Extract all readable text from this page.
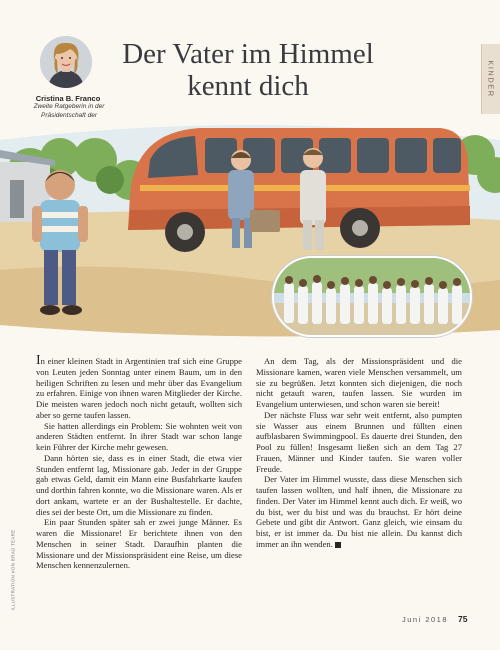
KINDER
Cristina B. Franco
Zweite Ratgeberin in der Präsidentschaft der
Der Vater im Himmel
kennt dich

In einer kleinen Stadt in Argentinien traf sich eine Gruppe von Leuten jeden Sonntag unter einem Baum, um in den heiligen Schriften zu lesen und mehr über das Evangelium zu erfahren. Einige von ihnen waren Mitglieder der Kirche. Die meisten waren jedoch noch nicht getauft, wollten sich aber so gerne taufen lassen.

Sie hatten allerdings ein Problem: Sie wohnten weit von anderen Städten entfernt. In ihrer Stadt war schon lange kein Führer der Kirche mehr gewesen.

Dann hörten sie, dass es in einer Stadt, die etwa vier Stunden entfernt lag, Missionare gab. Jeder in der Gruppe gab etwas Geld, damit ein Mann eine Busfahrkarte kaufen und dorthin fahren konnte, wo die Missionare waren. Als er dort ankam, wartete er an der Bushaltestelle. Er dachte, dies sei der beste Ort, um die Missionare zu finden.

Ein paar Stunden später sah er zwei junge Männer. Es waren die Missionare! Er berichtete ihnen von den Menschen in seiner Stadt. Daraufhin planten die Missionare und der Missionspräsident eine Reise, um diese Menschen kennenzulernen.

An dem Tag, als der Missionspräsident und die Missionare kamen, waren viele Menschen versammelt, um sie zu begrüßen. Jetzt konnten sich diejenigen, die noch nicht getauft waren, taufen lassen. Sie wurden im Evangelium unterwiesen, und schon waren sie bereit!

Der nächste Fluss war sehr weit entfernt, also pumpten sie Wasser aus einem Brunnen und füllten einen aufblasbaren Swimmingpool. Es dauerte drei Stunden, den Pool zu füllen! Insgesamt ließen sich an dem Tag 27 Frauen, Männer und Kinder taufen. Sie waren voller Freude.

Der Vater im Himmel wusste, dass diese Menschen sich taufen lassen wollten, und half ihnen, die Missionare zu finden. Der Vater im Himmel kennt auch dich. Er weiß, wo du bist, wer du bist und was du brauchst. Er hört deine Gebete und gibt dir Antwort. Ganz gleich, wie einsam du bist, er ist immer da. Du bist nie allein. Du kannst dich immer an ihn wenden.

ILLUSTRATION VON BRAD TEARE
Juni 2018 75
